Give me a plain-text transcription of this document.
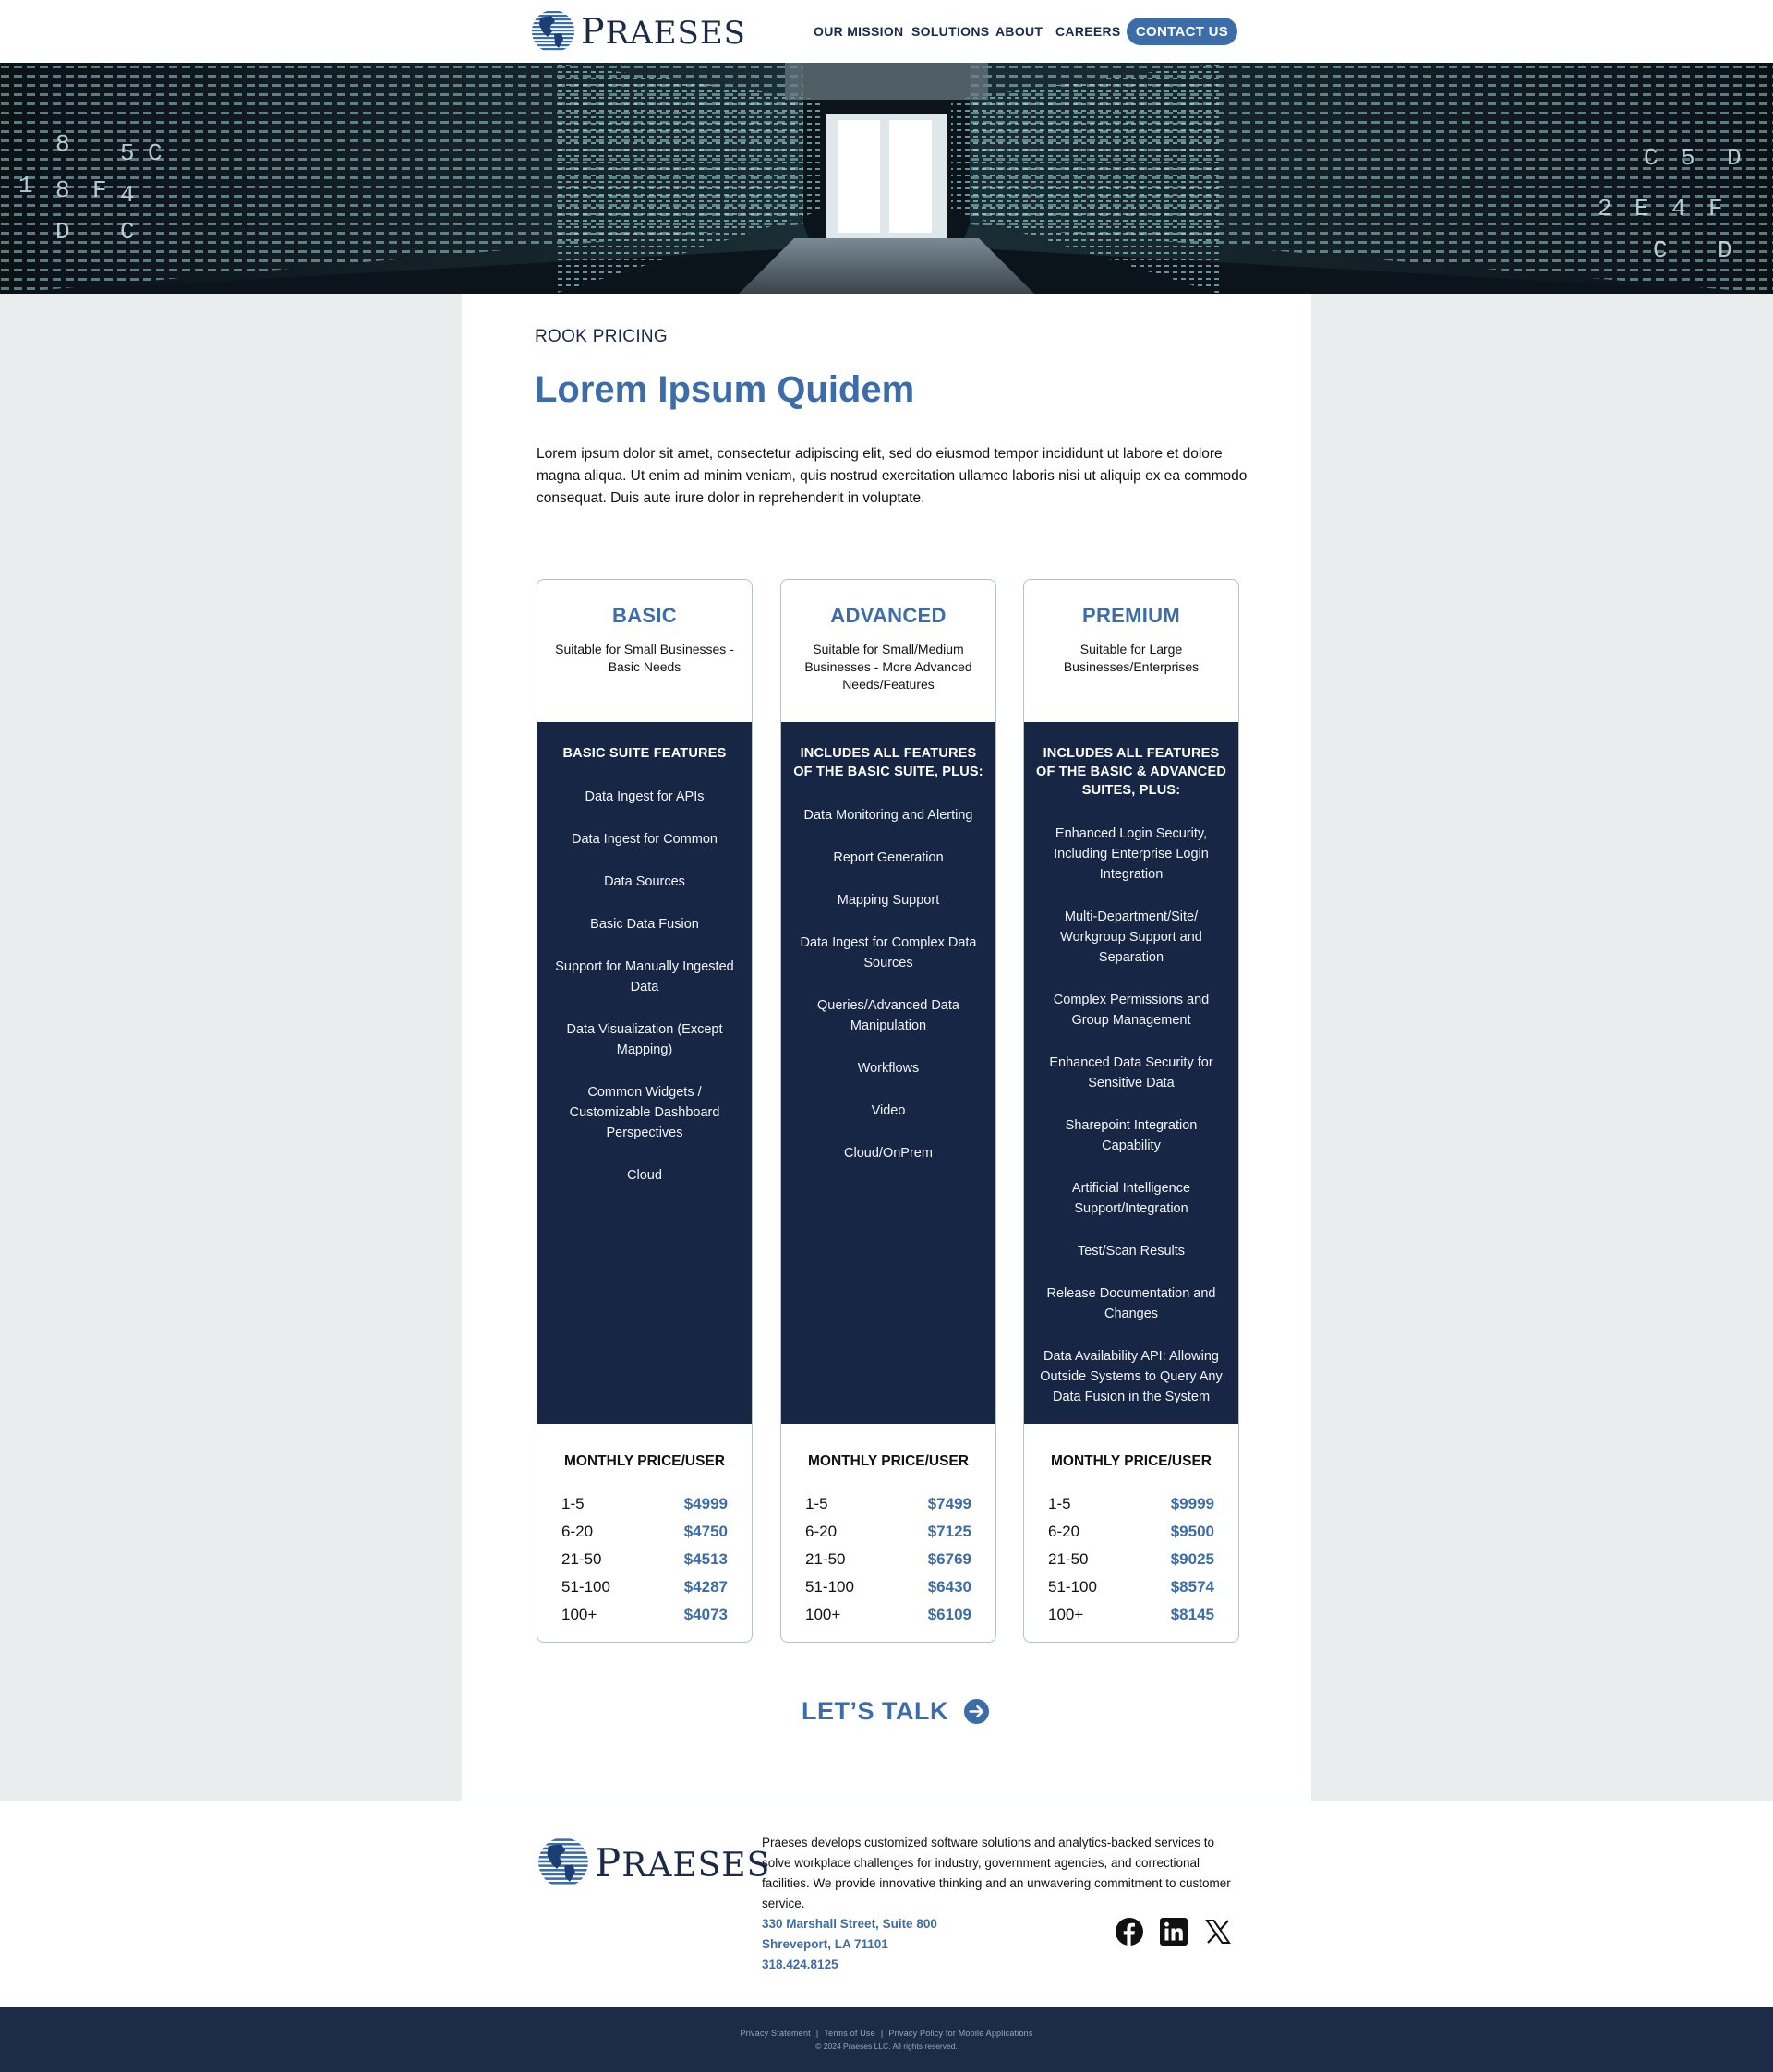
PRAESES	OUR MISSION SOLUTIONS ABOUT CAREERS	CONTACT US
8 5 C
1 8 F 4
D C
C 5 D
2 E 4 F
C D
ROOK PRICING
Lorem Ipsum Quidem

Lorem ipsum dolor sit amet, consectetur adipiscing elit, sed do eiusmod tempor incididunt ut labore et dolore magna aliqua. Ut enim ad minim veniam, quis nostrud exercitation ullamco laboris nisi ut aliquip ex ea commodo consequat. Duis aute irure dolor in reprehenderit in voluptate.

BASIC
Suitable for Small Businesses - Basic Needs
BASIC SUITE FEATURES
Data Ingest for APIs
Data Ingest for Common
Data Sources
Basic Data Fusion
Support for Manually Ingested Data
Data Visualization (Except Mapping)
Common Widgets / Customizable Dashboard Perspectives
Cloud
MONTHLY PRICE/USER
1-5	$4999
6-20	$4750
21-50	$4513
51-100	$4287
100+	$4073
ADVANCED
Suitable for Small/Medium Businesses - More Advanced Needs/Features
INCLUDES ALL FEATURES OF THE BASIC SUITE, PLUS:
Data Monitoring and Alerting
Report Generation
Mapping Support
Data Ingest for Complex Data Sources
Queries/Advanced Data Manipulation
Workflows
Video
Cloud/OnPrem
MONTHLY PRICE/USER
1-5	$7499
6-20	$7125
21-50	$6769
51-100	$6430
100+	$6109
PREMIUM
Suitable for Large Businesses/Enterprises
INCLUDES ALL FEATURES OF THE BASIC & ADVANCED SUITES, PLUS:
Enhanced Login Security, Including Enterprise Login Integration
Multi-Department/Site/ Workgroup Support and Separation
Complex Permissions and Group Management
Enhanced Data Security for Sensitive Data
Sharepoint Integration Capability
Artificial Intelligence Support/Integration
Test/Scan Results
Release Documentation and Changes
Data Availability API: Allowing Outside Systems to Query Any Data Fusion in the System
MONTHLY PRICE/USER
1-5	$9999
6-20	$9500
21-50	$9025
51-100	$8574
100+	$8145
LET’S TALK
PRAESES

Praeses develops customized software solutions and analytics-backed services to solve workplace challenges for industry, government agencies, and correctional facilities. We provide innovative thinking and an unwavering commitment to customer service.

330 Marshall Street, Suite 800
Shreveport, LA 71101
318.424.8125
Privacy Statement | Terms of Use | Privacy Policy for Mobile Applications
© 2024 Praeses LLC. All rights reserved.
